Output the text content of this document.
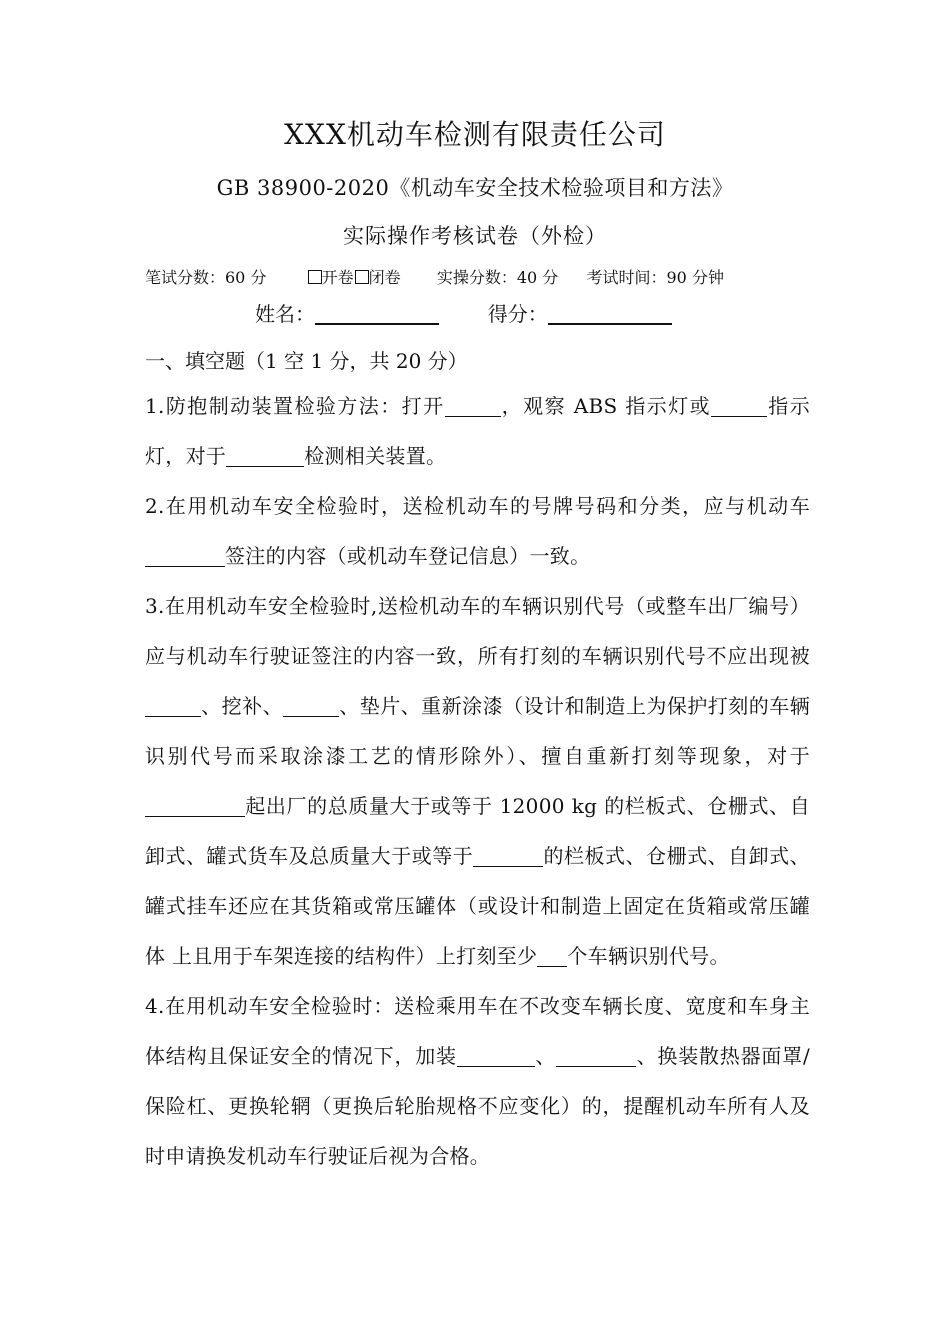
XXX机动车检测有限责任公司
GB 38900-2020《机动车安全技术检验项目和方法》
实际操作考核试卷（外检）
笔试分数：60 分	开卷 闭卷 实操分数：40 分 考试时间：90 分钟
姓名：	得分：
一、填空题（1 空 1 分，共 20 分）

1.防抱制动装置检验方法：打开	，观察 ABS 指示灯或	指示灯，对于	检测相关装置。

2.在用机动车安全检验时，送检机动车的号牌号码和分类，应与机动车签注的内容（或机动车登记信息）一致。

3.在用机动车安全检验时,送检机动车的车辆识别代号（或整车出厂编号）应与机动车行驶证签注的内容一致，所有打刻的车辆识别代号不应出现被、挖补、	、垫片、重新涂漆（设计和制造上为保护打刻的车辆识别代号而采取涂漆工艺的情形除外）、擅自重新打刻等现象，对于起出厂的总质量大于或等于 12000 kg 的栏板式、仓栅式、自卸式、罐式货车及总质量大于或等于	的栏板式、仓栅式、自卸式、罐式挂车还应在其货箱或常压罐体（或设计和制造上固定在货箱或常压罐体 上且用于车架连接的结构件）上打刻至少 个车辆识别代号。

4.在用机动车安全检验时：送检乘用车在不改变车辆长度、宽度和车身主体结构且保证安全的情况下，加装	、	、换装散热器面罩/保险杠、更换轮辋（更换后轮胎规格不应变化）的，提醒机动车所有人及时申请换发机动车行驶证后视为合格。
